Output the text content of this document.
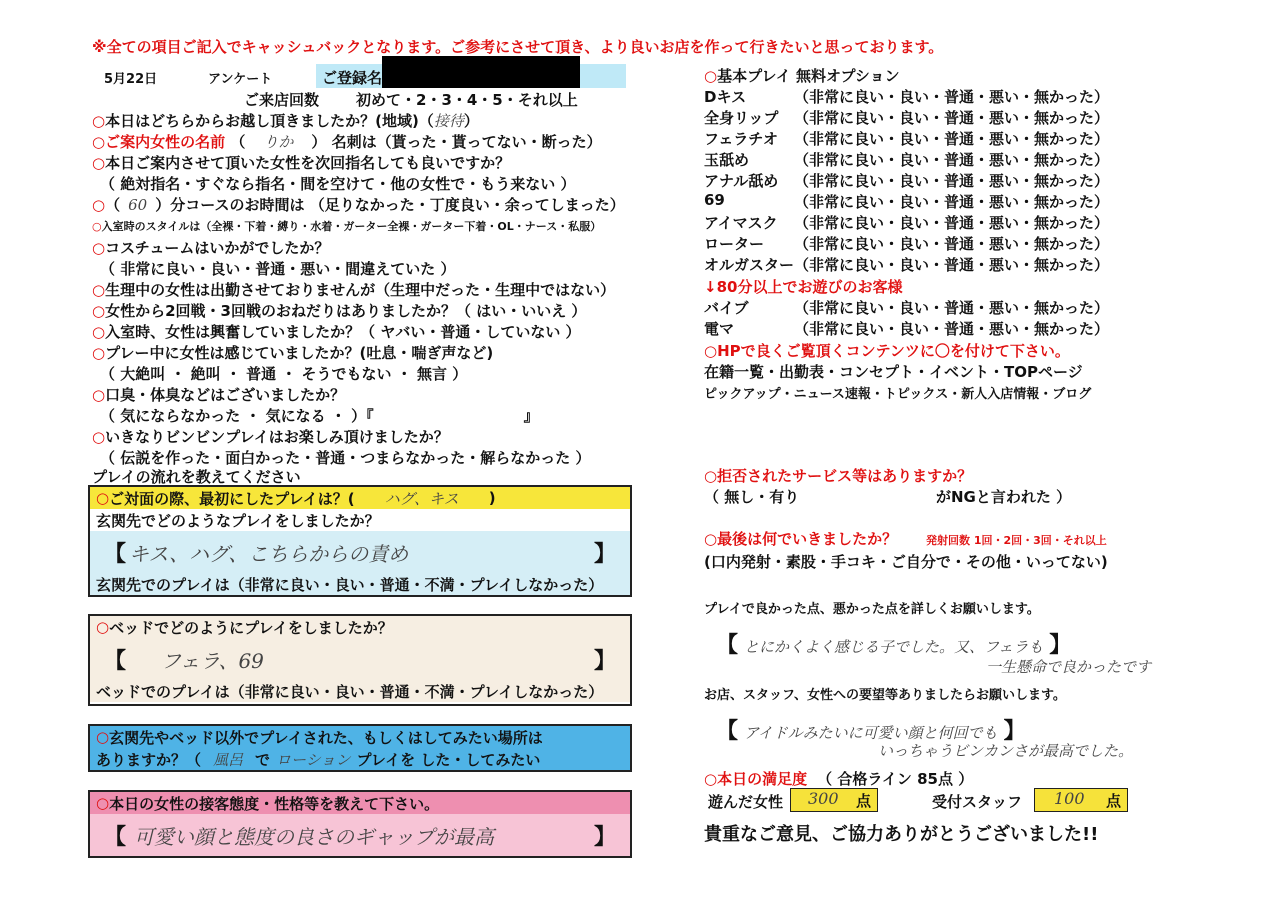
※全ての項目ご記入でキャッシュバックとなります。ご参考にさせて頂き、より良いお店を作って行きたいと思っております。
5月22日	アンケート	ご登録名
ご来店回数 初めて・2・3・4・5・それ以上
○本日はどちらからお越し頂きましたか？(地域)（接待）
○ご案内女性の名前 （ りか ） 名刺は（貰った・貰ってない・断った）
○本日ご案内させて頂いた女性を次回指名しても良いですか？
（ 絶対指名・すぐなら指名・間を空けて・他の女性で・もう来ない ）
○（ 60 ）分コースのお時間は （足りなかった・丁度良い・余ってしまった）
○入室時のスタイルは（全裸・下着・縛り・水着・ガーター全裸・ガーター下着・OL・ナース・私服）
○コスチュームはいかがでしたか？
（ 非常に良い・良い・普通・悪い・間違えていた ）
○生理中の女性は出勤させておりませんが（生理中だった・生理中ではない）
○女性から2回戦・3回戦のおねだりはありましたか？（ はい・いいえ ）
○入室時、女性は興奮していましたか？（ ヤバい・普通・していない ）
○プレー中に女性は感じていましたか？(吐息・喘ぎ声など)
（ 大絶叫 ・ 絶叫 ・ 普通 ・ そうでもない ・ 無言 ）
○口臭・体臭などはございましたか？
（ 気にならなかった ・ 気になる ・ ）『　　　　　　　　　　』
○いきなりビンビンプレイはお楽しみ頂けましたか？
（ 伝説を作った・面白かった・普通・つまらなかった・解らなかった ）
プレイの流れを教えてください
○ ご対面の際、最初にしたプレイは？( ハグ、キス )
玄関先でどのようなプレイをしましたか？
【 キス、ハグ、こちらからの責め	】
玄関先でのプレイは（非常に良い・良い・普通・不満・プレイしなかった）
○ ベッドでどのようにプレイをしましたか？
【 フェラ、69	】
ベッドでのプレイは（非常に良い・良い・普通・不満・プレイしなかった）
○ 玄関先やベッド以外でプレイされた、もしくはしてみたい場所は
ありますか？（ 風呂 で ローション プレイを した・してみたい
○ 本日の女性の接客態度・性格等を教えて下さい。
【 可愛い顔と態度の良さのギャップが最高	】
○基本プレイ 無料オプション
Dキス	（非常に良い・良い・普通・悪い・無かった）
全身リップ	（非常に良い・良い・普通・悪い・無かった）
フェラチオ	（非常に良い・良い・普通・悪い・無かった）
玉舐め	（非常に良い・良い・普通・悪い・無かった）
アナル舐め	（非常に良い・良い・普通・悪い・無かった）
69	（非常に良い・良い・普通・悪い・無かった）
アイマスク	（非常に良い・良い・普通・悪い・無かった）
ローター	（非常に良い・良い・普通・悪い・無かった）
オルガスター （非常に良い・良い・普通・悪い・無かった）
↓80分以上でお遊びのお客様
バイブ	（非常に良い・良い・普通・悪い・無かった）
電マ	（非常に良い・良い・普通・悪い・無かった）
○HPで良くご覧頂くコンテンツに〇を付けて下さい。
在籍一覧・出勤表・コンセプト・イベント・TOPページ
ピックアップ・ニュース速報・トピックス・新人入店情報・ブログ
○拒否されたサービス等はありますか？
（ 無し・有り	がNGと言われた ）
○最後は何でいきましたか？	発射回数 1回・2回・3回・それ以上
(口内発射・素股・手コキ・ご自分で・その他・いってない)
プレイで良かった点、悪かった点を詳しくお願いします。
【 とにかくよく感じる子でした。又、フェラも 】
一生懸命で良かったです
お店、スタッフ、女性への要望等ありましたらお願いします。
【 アイドルみたいに可愛い顔と何回でも 】
いっちゃうビンカンさが最高でした。
○本日の満足度 （ 合格ライン 85点 ）
遊んだ女性 300 点	受付スタッフ 100 点
貴重なご意見、ご協力ありがとうございました!!
